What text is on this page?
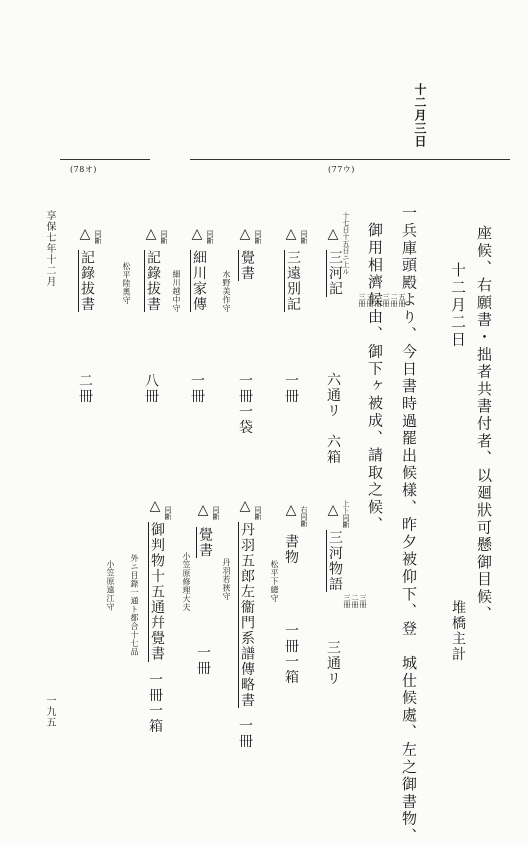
十二月三日
(77ウ)
(78オ)
座候、右願書・拙者共書付者、以廻狀可懸御目候、
十二月二日
堆橋主計
一兵庫頭殿より、今日書時過罷出候樣、昨夕被仰下、登　城仕候處、左之御書物、
御用相濟候由、御下ヶ被成、請取之候、
△ 上ト同斷
三河物語
三冊
二冊
三冊
三通リ
△ 十七日十五日ニ上ル
三河記
五冊
二冊
三冊
一冊
三冊
三冊
六通リ　六箱
△ 右同斷
書物
松平下總守
一冊一箱
△ 同斷
三遠別記
一冊
△ 同斷
丹羽五郎左衞門系譜傳略書
丹羽若狹守
一冊
△ 同斷
覺書
水野美作守
一冊一袋
△ 同斷
覺書
小笠原修理大夫
一冊
△ 同斷
細川家傳
細川越中守
一冊
△ 同斷
御判物十五通幷覺書
一冊一箱
外ニ目錄一通ト都合十七品
小笠原遠江守
△ 同斷
記錄拔書
松平陸奧守
八冊
△ 同斷
記錄拔書
二冊
享保七年十二月
一九五
